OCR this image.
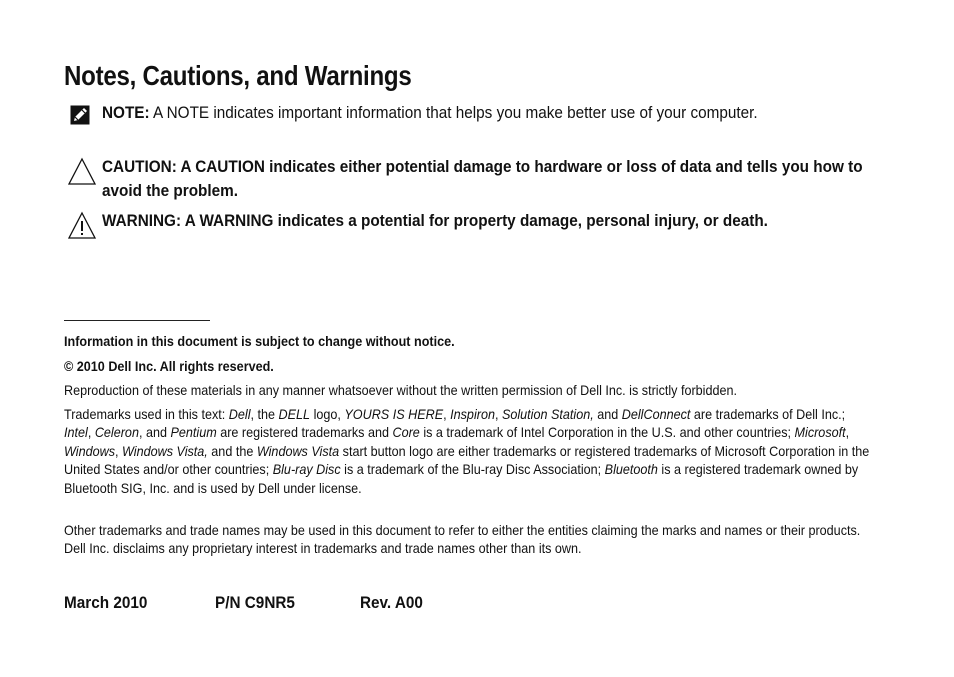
Notes, Cautions, and Warnings
NOTE: A NOTE indicates important information that helps you make better use of your computer.
CAUTION: A CAUTION indicates either potential damage to hardware or loss of data and tells you how to avoid the problem.
WARNING: A WARNING indicates a potential for property damage, personal injury, or death.
Information in this document is subject to change without notice.
© 2010 Dell Inc. All rights reserved.
Reproduction of these materials in any manner whatsoever without the written permission of Dell Inc. is strictly forbidden.
Trademarks used in this text: Dell, the DELL logo, YOURS IS HERE, Inspiron, Solution Station, and DellConnect are trademarks of Dell Inc.; Intel, Celeron, and Pentium are registered trademarks and Core is a trademark of Intel Corporation in the U.S. and other countries; Microsoft, Windows, Windows Vista, and the Windows Vista start button logo are either trademarks or registered trademarks of Microsoft Corporation in the United States and/or other countries; Blu-ray Disc is a trademark of the Blu-ray Disc Association; Bluetooth is a registered trademark owned by Bluetooth SIG, Inc. and is used by Dell under license.
Other trademarks and trade names may be used in this document to refer to either the entities claiming the marks and names or their products. Dell Inc. disclaims any proprietary interest in trademarks and trade names other than its own.
March 2010	P/N C9NR5	Rev. A00
